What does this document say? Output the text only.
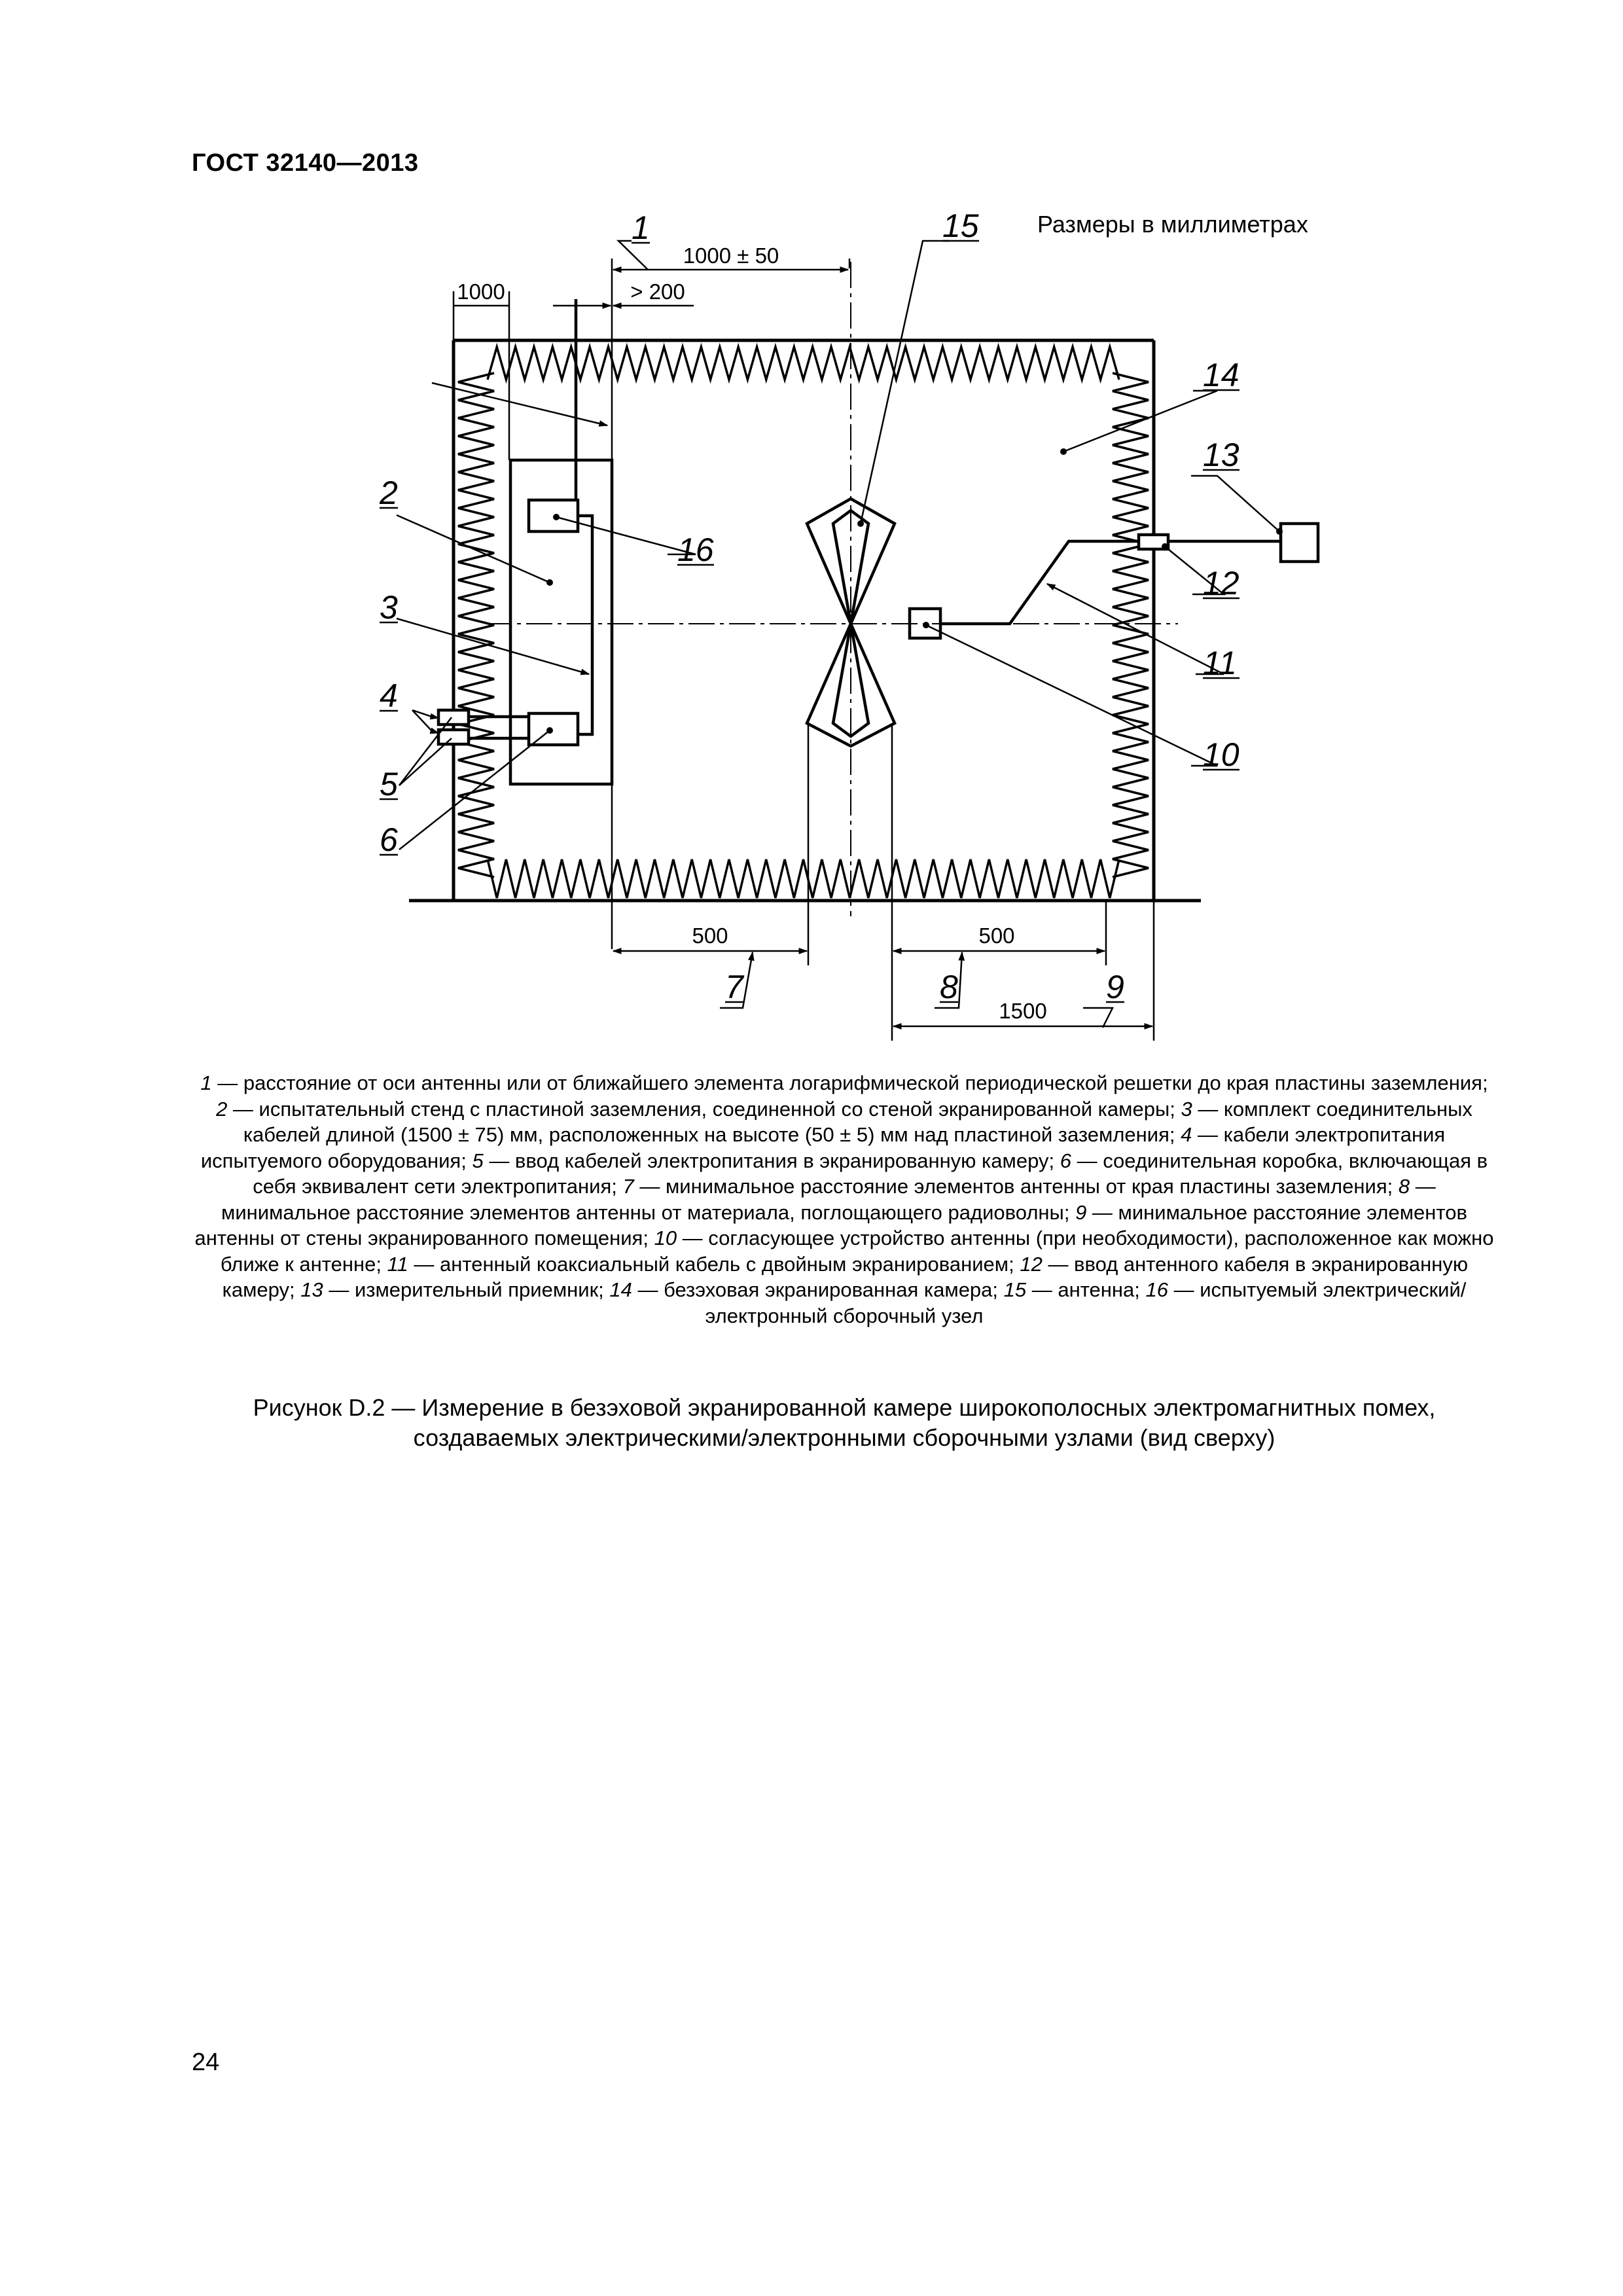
ГОСТ 32140—2013
Размеры в миллиметрах
1000
1000 ± 50
> 200
500	500
1500
1
2
3
4
5
6
7	8	9
10
11
12
13
14
15
16
1 — расстояние от оси антенны или от ближайшего элемента логарифмической периодической решетки до края пластины заземления; 2 — испытательный стенд с пластиной заземления, соединенной со стеной экранированной камеры; 3 — комплект соединительных кабелей длиной (1500 ± 75) мм, расположенных на высоте (50 ± 5) мм над пластиной заземления; 4 — кабели электропитания испытуемого оборудования; 5 — ввод кабелей электропитания в экранированную камеру; 6 — соединительная коробка, включающая в себя эквивалент сети электропитания; 7 — минимальное расстояние элементов антенны от края пластины заземления; 8 — минимальное расстояние элементов антенны от материала, поглощающего радиоволны; 9 — минимальное расстояние элементов антенны от стены экранированного помещения; 10 — согласующее устройство антенны (при необходимости), расположенное как можно ближе к антенне; 11 — антенный коаксиальный кабель с двойным экранированием; 12 — ввод антенного кабеля в экранированную камеру; 13 — измерительный приемник; 14 — безэховая экранированная камера; 15 — антенна; 16 — испытуемый электрический/электронный сборочный узел
Рисунок D.2 — Измерение в безэховой экранированной камере широкополосных электромагнитных помех,
создаваемых электрическими/электронными сборочными узлами (вид сверху)
24
